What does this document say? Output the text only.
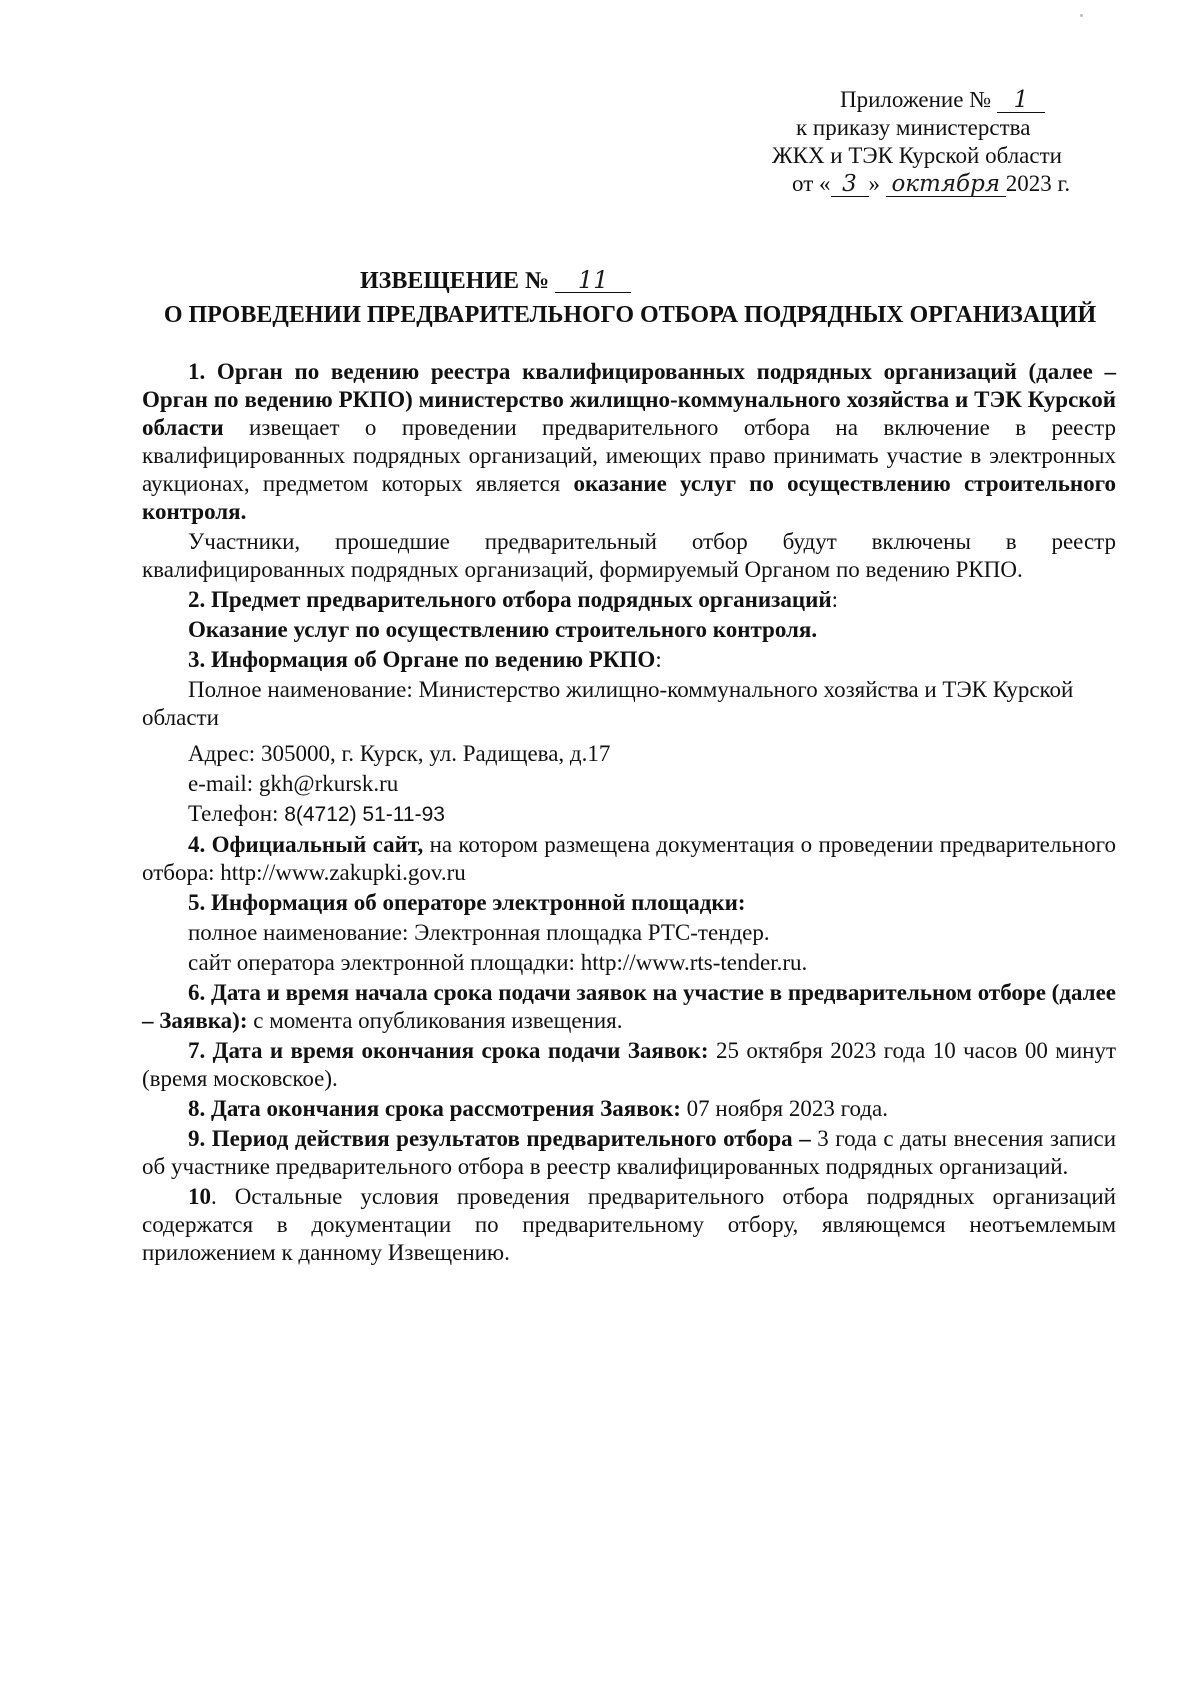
Приложение № 1
к приказу министерства
ЖКХ и ТЭК Курской области
от « 3 » октября 2023 г.
ИЗВЕЩЕНИЕ № 11
О ПРОВЕДЕНИИ ПРЕДВАРИТЕЛЬНОГО ОТБОРА ПОДРЯДНЫХ ОРГАНИЗАЦИЙ

1. Орган по ведению реестра квалифицированных подрядных организаций (далее – Орган по ведению РКПО) министерство жилищно-коммунального хозяйства и ТЭК Курской области извещает о проведении предварительного отбора на включение в реестр квалифицированных подрядных организаций, имеющих право принимать участие в электронных аукционах, предметом которых является оказание услуг по осуществлению строительного контроля.

Участники, прошедшие предварительный отбор будут включены в реестр квалифицированных подрядных организаций, формируемый Органом по ведению РКПО.

2. Предмет предварительного отбора подрядных организаций:

Оказание услуг по осуществлению строительного контроля.

3. Информация об Органе по ведению РКПО:

Полное наименование: Министерство жилищно-коммунального хозяйства и ТЭК Курской области

Адрес: 305000, г. Курск, ул. Радищева, д.17

e-mail: gkh@rkursk.ru

Телефон: 8(4712) 51-11-93

4. Официальный сайт, на котором размещена документация о проведении предварительного отбора: http://www.zakupki.gov.ru

5. Информация об операторе электронной площадки:

полное наименование: Электронная площадка РТС-тендер.

сайт оператора электронной площадки: http://www.rts-tender.ru.

6. Дата и время начала срока подачи заявок на участие в предварительном отборе (далее – Заявка): с момента опубликования извещения.

7. Дата и время окончания срока подачи Заявок: 25 октября 2023 года 10 часов 00 минут (время московское).

8. Дата окончания срока рассмотрения Заявок: 07 ноября 2023 года.

9. Период действия результатов предварительного отбора – 3 года с даты внесения записи об участнике предварительного отбора в реестр квалифицированных подрядных организаций.

10. Остальные условия проведения предварительного отбора подрядных организаций содержатся в документации по предварительному отбору, являющемся неотъемлемым приложением к данному Извещению.
